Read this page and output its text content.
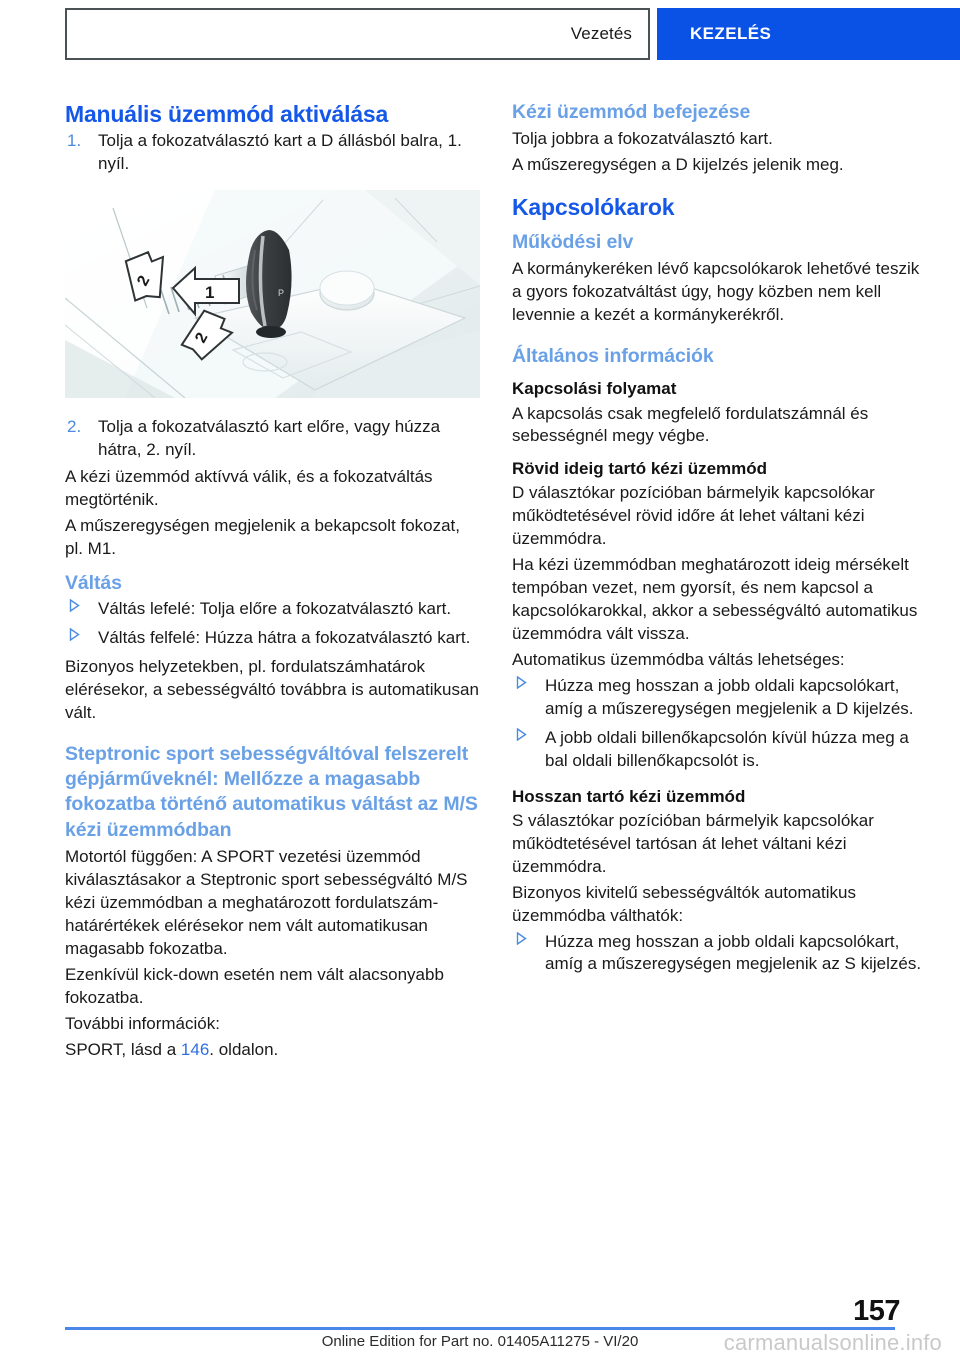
Vezetés	KEZELÉS
Manuális üzemmód aktiválása
1. Tolja a fokozatválasztó kart a D állásból balra, 1. nyíl.
P
1
2
2
2. Tolja a fokozatválasztó kart előre, vagy húzza hátra, 2. nyíl.

A kézi üzemmód aktívvá válik, és a fokozatváltás megtörténik.

A műszeregységen megjelenik a bekapcsolt fokozat, pl. M1.

Váltás
Váltás lefelé: Tolja előre a fokozatválasztó kart.
Váltás felfelé: Húzza hátra a fokozatválasztó kart.

Bizonyos helyzetekben, pl. fordulatszámhatárok elérésekor, a sebességváltó továbbra is automatikusan vált.

Steptronic sport sebességváltóval felszerelt gépjárműveknél: Mellőzze a magasabb fokozatba történő automatikus váltást az M/S kézi üzemmódban

Motortól függően: A SPORT vezetési üzemmód kiválasztásakor a Steptronic sport sebességváltó M/S kézi üzemmódban a meghatározott fordulatszám-határértékek elérésekor nem vált automatikusan magasabb fokozatba.

Ezenkívül kick-down esetén nem vált alacsonyabb fokozatba.

További információk:

SPORT, lásd a 146. oldalon.

Kézi üzemmód befejezése

Tolja jobbra a fokozatválasztó kart.

A műszeregységen a D kijelzés jelenik meg.

Kapcsolókarok
Működési elv

A kormánykeréken lévő kapcsolókarok lehetővé teszik a gyors fokozatváltást úgy, hogy közben nem kell levennie a kezét a kormánykerékről.

Általános információk
Kapcsolási folyamat

A kapcsolás csak megfelelő fordulatszámnál és sebességnél megy végbe.

Rövid ideig tartó kézi üzemmód

D választókar pozícióban bármelyik kapcsolókar működtetésével rövid időre át lehet váltani kézi üzemmódra.

Ha kézi üzemmódban meghatározott ideig mérsékelt tempóban vezet, nem gyorsít, és nem kapcsol a kapcsolókarokkal, akkor a sebességváltó automatikus üzemmódra vált vissza.

Automatikus üzemmódba váltás lehetséges:

Húzza meg hosszan a jobb oldali kapcsolókart, amíg a műszeregységen megjelenik a D kijelzés.
A jobb oldali billenőkapcsolón kívül húzza meg a bal oldali billenőkapcsolót is.
Hosszan tartó kézi üzemmód

S választókar pozícióban bármelyik kapcsolókar működtetésével tartósan át lehet váltani kézi üzemmódra.

Bizonyos kivitelű sebességváltók automatikus üzemmódba válthatók:

Húzza meg hosszan a jobb oldali kapcsolókart, amíg a műszeregységen megjelenik az S kijelzés.
157
Online Edition for Part no. 01405A11275 - VI/20	carmanualsonline.info
